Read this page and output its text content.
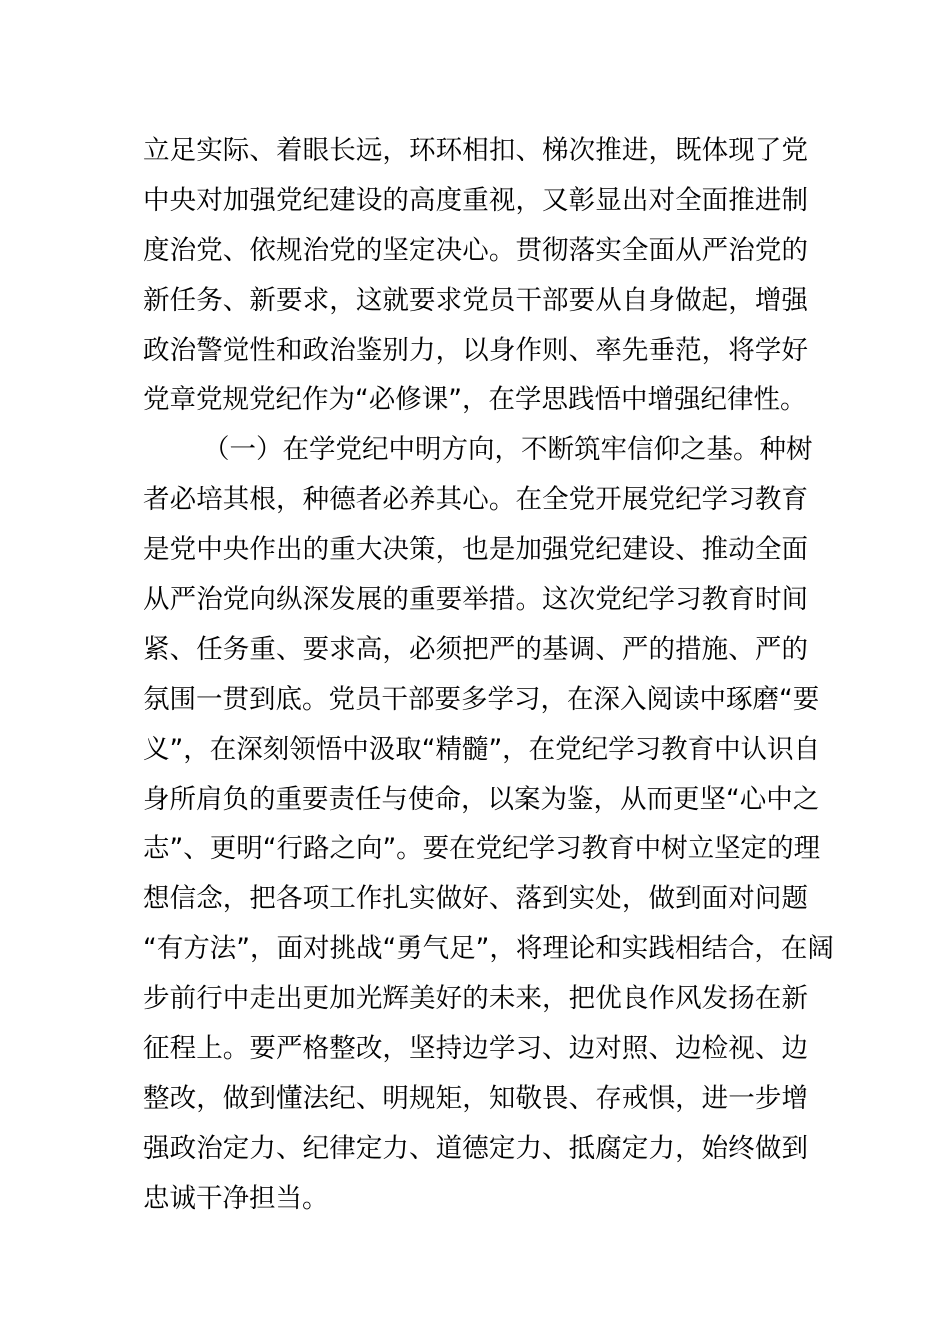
立足实际、着眼长远，环环相扣、梯次推进，既体现了党
中央对加强党纪建设的高度重视，又彰显出对全面推进制
度治党、依规治党的坚定决心。贯彻落实全面从严治党的
新任务、新要求，这就要求党员干部要从自身做起，增强
政治警觉性和政治鉴别力，以身作则、率先垂范，将学好
党章党规党纪作为“必修课”，在学思践悟中增强纪律性。
（一）在学党纪中明方向，不断筑牢信仰之基。种树
者必培其根，种德者必养其心。在全党开展党纪学习教育
是党中央作出的重大决策，也是加强党纪建设、推动全面
从严治党向纵深发展的重要举措。这次党纪学习教育时间
紧、任务重、要求高，必须把严的基调、严的措施、严的
氛围一贯到底。党员干部要多学习，在深入阅读中琢磨“要
义”，在深刻领悟中汲取“精髓”，在党纪学习教育中认识自
身所肩负的重要责任与使命，以案为鉴，从而更坚“心中之
志”、更明“行路之向”。要在党纪学习教育中树立坚定的理
想信念，把各项工作扎实做好、落到实处，做到面对问题
“有方法”，面对挑战“勇气足”，将理论和实践相结合，在阔
步前行中走出更加光辉美好的未来，把优良作风发扬在新
征程上。要严格整改，坚持边学习、边对照、边检视、边
整改，做到懂法纪、明规矩，知敬畏、存戒惧，进一步增
强政治定力、纪律定力、道德定力、抵腐定力，始终做到
忠诚干净担当。
